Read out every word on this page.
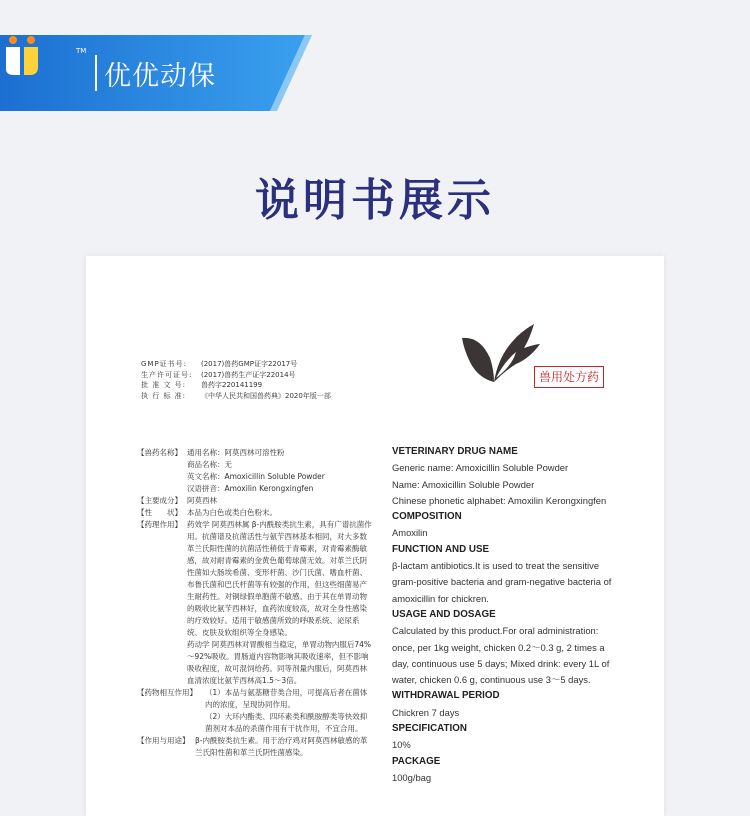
TM
优优动保
说明书展示
兽用处方药
GMP证书号:	(2017)兽药GMP证字22017号
生产许可证号:	(2017)兽药生产证字22014号
批 准 文 号:	兽药字220141199
执 行 标 准:	《中华人民共和国兽药典》2020年版一部
【兽药名称】 通用名称：阿莫西林可溶性粉
商品名称：无
英文名称：Amoxicillin Soluble Powder
汉语拼音：Amoxilin Kerongxingfen
【主要成分】 阿莫西林
【性　　状】 本品为白色或类白色粉末。
【药理作用】 药效学 阿莫西林属 β-内酰胺类抗生素，具有广谱抗菌作用。抗菌谱及抗菌活性与氨苄西林基本相同，对大多数革兰氏阳性菌的抗菌活性稍低于青霉素，对青霉素酶敏感，故对耐青霉素的金黄色葡萄球菌无效。对革兰氏阴性菌如大肠埃希菌、变形杆菌、沙门氏菌、嗜血杆菌、布鲁氏菌和巴氏杆菌等有较强的作用，但这些细菌易产生耐药性。对铜绿假单胞菌不敏感。由于其在单胃动物的吸收比氨苄西林好，血药浓度较高，故对全身性感染的疗效较好。适用于敏感菌所致的呼吸系统、泌尿系统、皮肤及软组织等全身感染。
药动学 阿莫西林对胃酸相当稳定，单胃动物内服后74%～92%吸收。胃肠道内容物影响其吸收速率，但不影响吸收程度，故可混饲给药。同等剂量内服后，阿莫西林血清浓度比氨苄西林高1.5～3倍。
【药物相互作用】	（1）本品与氨基糖苷类合用，可提高后者在菌体内的浓度，呈现协同作用。
（2）大环内酯类、四环素类和酰胺醇类等快效抑菌剂对本品的杀菌作用有干扰作用，不宜合用。
【作用与用途】 β-内酰胺类抗生素。用于治疗鸡对阿莫西林敏感的革兰氏阳性菌和革兰氏阴性菌感染。
VETERINARY DRUG NAME
Generic name: Amoxicillin Soluble Powder
Name: Amoxicillin Soluble Powder
Chinese phonetic alphabet: Amoxilin Kerongxingfen
COMPOSITION
Amoxilin
FUNCTION AND USE
β-lactam antibiotics.It is used to treat the sensitive gram-positive bacteria and gram-negative bacteria of amoxicillin for chickren.
USAGE AND DOSAGE
Calculated by this product.For oral administration: once, per 1kg weight, chicken 0.2～0.3 g, 2 times a day, continuous use 5 days; Mixed drink: every 1L of water, chicken 0.6 g, continuous use 3～5 days.
WITHDRAWAL PERIOD
Chickren 7 days
SPECIFICATION
10%
PACKAGE
100g/bag
